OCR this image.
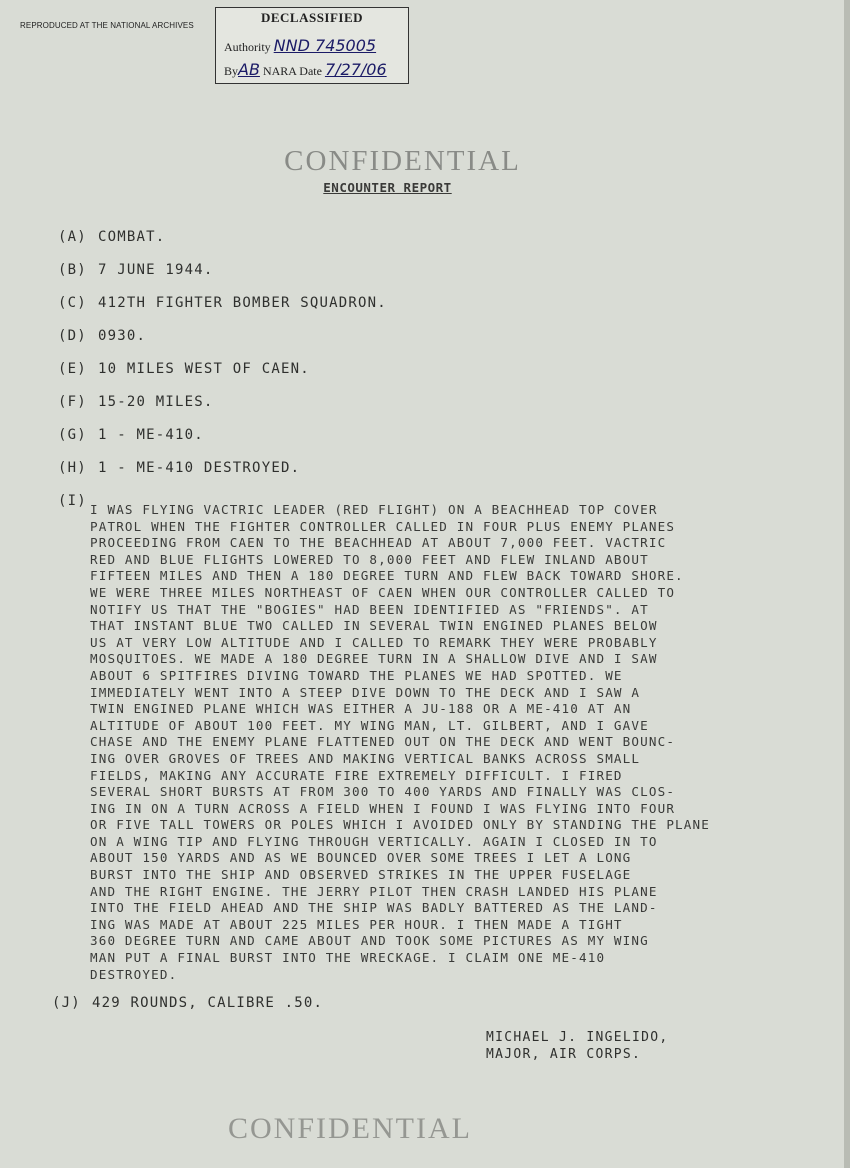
REPRODUCED AT THE NATIONAL ARCHIVES
DECLASSIFIED
Authority NND 745005
ByAB NARA Date 7/27/06
CONFIDENTIAL
ENCOUNTER REPORT
(A) COMBAT.
(B) 7 JUNE 1944.
(C) 412TH FIGHTER BOMBER SQUADRON.
(D) 0930.
(E) 10 MILES WEST OF CAEN.
(F) 15-20 MILES.
(G) 1 - ME-410.
(H) 1 - ME-410 DESTROYED.
(I)
I WAS FLYING VACTRIC LEADER (RED FLIGHT) ON A BEACHHEAD TOP COVER
PATROL WHEN THE FIGHTER CONTROLLER CALLED IN FOUR PLUS ENEMY PLANES
PROCEEDING FROM CAEN TO THE BEACHHEAD AT ABOUT 7,000 FEET. VACTRIC
RED AND BLUE FLIGHTS LOWERED TO 8,000 FEET AND FLEW INLAND ABOUT
FIFTEEN MILES AND THEN A 180 DEGREE TURN AND FLEW BACK TOWARD SHORE.
WE WERE THREE MILES NORTHEAST OF CAEN WHEN OUR CONTROLLER CALLED TO
NOTIFY US THAT THE "BOGIES" HAD BEEN IDENTIFIED AS "FRIENDS". AT
THAT INSTANT BLUE TWO CALLED IN SEVERAL TWIN ENGINED PLANES BELOW
US AT VERY LOW ALTITUDE AND I CALLED TO REMARK THEY WERE PROBABLY
MOSQUITOES. WE MADE A 180 DEGREE TURN IN A SHALLOW DIVE AND I SAW
ABOUT 6 SPITFIRES DIVING TOWARD THE PLANES WE HAD SPOTTED. WE
IMMEDIATELY WENT INTO A STEEP DIVE DOWN TO THE DECK AND I SAW A
TWIN ENGINED PLANE WHICH WAS EITHER A JU-188 OR A ME-410 AT AN
ALTITUDE OF ABOUT 100 FEET. MY WING MAN, LT. GILBERT, AND I GAVE
CHASE AND THE ENEMY PLANE FLATTENED OUT ON THE DECK AND WENT BOUNC-
ING OVER GROVES OF TREES AND MAKING VERTICAL BANKS ACROSS SMALL
FIELDS, MAKING ANY ACCURATE FIRE EXTREMELY DIFFICULT. I FIRED
SEVERAL SHORT BURSTS AT FROM 300 TO 400 YARDS AND FINALLY WAS CLOS-
ING IN ON A TURN ACROSS A FIELD WHEN I FOUND I WAS FLYING INTO FOUR
OR FIVE TALL TOWERS OR POLES WHICH I AVOIDED ONLY BY STANDING THE PLANE
ON A WING TIP AND FLYING THROUGH VERTICALLY. AGAIN I CLOSED IN TO
ABOUT 150 YARDS AND AS WE BOUNCED OVER SOME TREES I LET A LONG
BURST INTO THE SHIP AND OBSERVED STRIKES IN THE UPPER FUSELAGE
AND THE RIGHT ENGINE. THE JERRY PILOT THEN CRASH LANDED HIS PLANE
INTO THE FIELD AHEAD AND THE SHIP WAS BADLY BATTERED AS THE LAND-
ING WAS MADE AT ABOUT 225 MILES PER HOUR. I THEN MADE A TIGHT
360 DEGREE TURN AND CAME ABOUT AND TOOK SOME PICTURES AS MY WING
MAN PUT A FINAL BURST INTO THE WRECKAGE. I CLAIM ONE ME-410
DESTROYED.
(J) 429 ROUNDS, CALIBRE .50.
MICHAEL J. INGELIDO,
MAJOR, AIR CORPS.
CONFIDENTIAL
